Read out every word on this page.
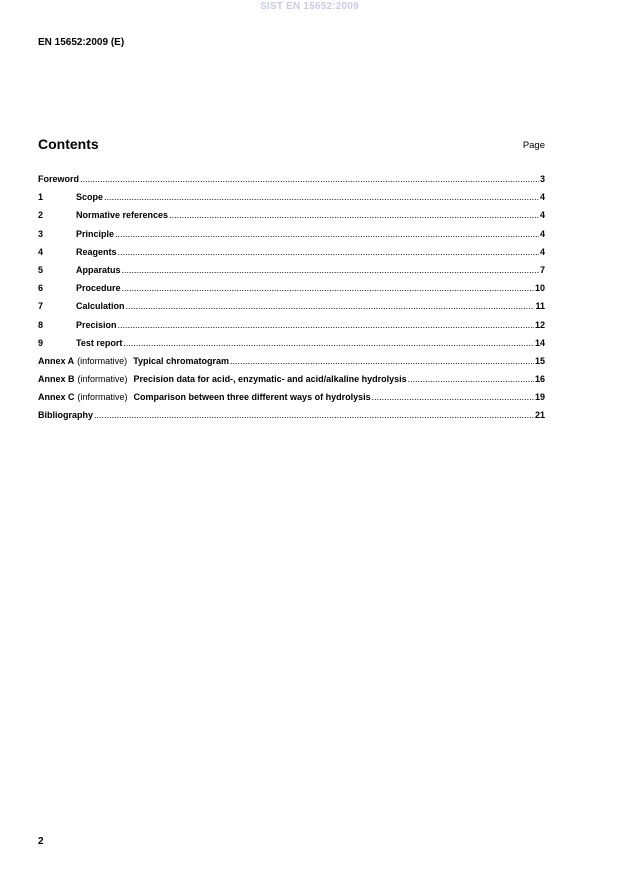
SIST EN 15652:2009
EN 15652:2009 (E)
Contents	Page
Foreword .....	3
1	Scope .....	4
2	Normative references .....	4
3	Principle .....	4
4	Reagents .....	4
5	Apparatus .....	7
6	Procedure .....	10
7	Calculation .....	11
8	Precision .....	12
9	Test report .....	14
Annex A (informative) Typical chromatogram .....	15
Annex B (informative) Precision data for acid-, enzymatic- and acid/alkaline hydrolysis .....	16
Annex C (informative) Comparison between three different ways of hydrolysis .....	19
Bibliography .....	21
2
